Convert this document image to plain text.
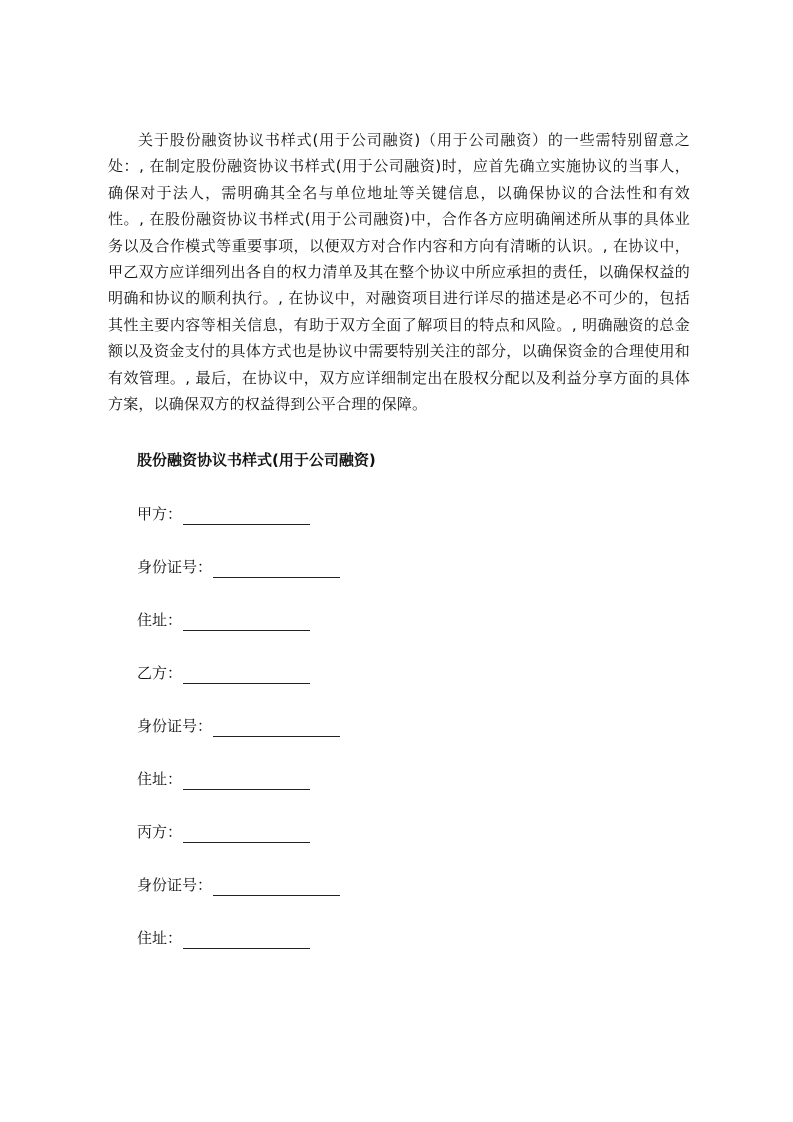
关于股份融资协议书样式(用于公司融资)（用于公司融资）的一些需特别留意之处：, 在制定股份融资协议书样式(用于公司融资)时，应首先确立实施协议的当事人，确保对于法人，需明确其全名与单位地址等关键信息，以确保协议的合法性和有效性。, 在股份融资协议书样式(用于公司融资)中，合作各方应明确阐述所从事的具体业务以及合作模式等重要事项，以便双方对合作内容和方向有清晰的认识。, 在协议中，甲乙双方应详细列出各自的权力清单及其在整个协议中所应承担的责任，以确保权益的明确和协议的顺利执行。, 在协议中，对融资项目进行详尽的描述是必不可少的，包括其性主要内容等相关信息，有助于双方全面了解项目的特点和风险。, 明确融资的总金额以及资金支付的具体方式也是协议中需要特别关注的部分，以确保资金的合理使用和有效管理。, 最后，在协议中，双方应详细制定出在股权分配以及利益分享方面的具体方案，以确保双方的权益得到公平合理的保障。

股份融资协议书样式(用于公司融资)
甲方：
身份证号：
住址：
乙方：
身份证号：
住址：
丙方：
身份证号：
住址：
